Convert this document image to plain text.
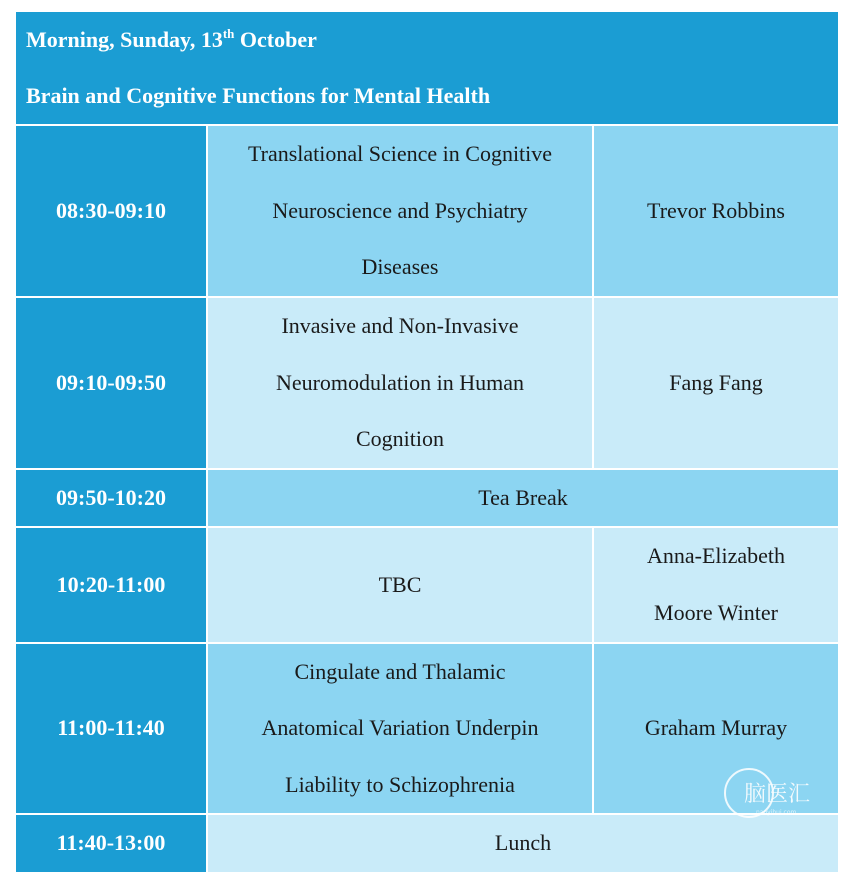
Morning, Sunday, 13th October
Brain and Cognitive Functions for Mental Health		

08:30-09:10	Translational Science in Cognitive
Neuroscience and Psychiatry
Diseases	Trevor Robbins

09:10-09:50	Invasive and Non-Invasive
Neuromodulation in Human
Cognition	Fang Fang

09:50-10:20	Tea Break	
10:20-11:00	TBC	Anna-Elizabeth
Moore Winter

11:00-11:40	Cingulate and Thalamic
Anatomical Variation Underpin
Liability to Schizophrenia	Graham Murray

11:40-13:00	Lunch	
脑医汇
naoyihui.com
